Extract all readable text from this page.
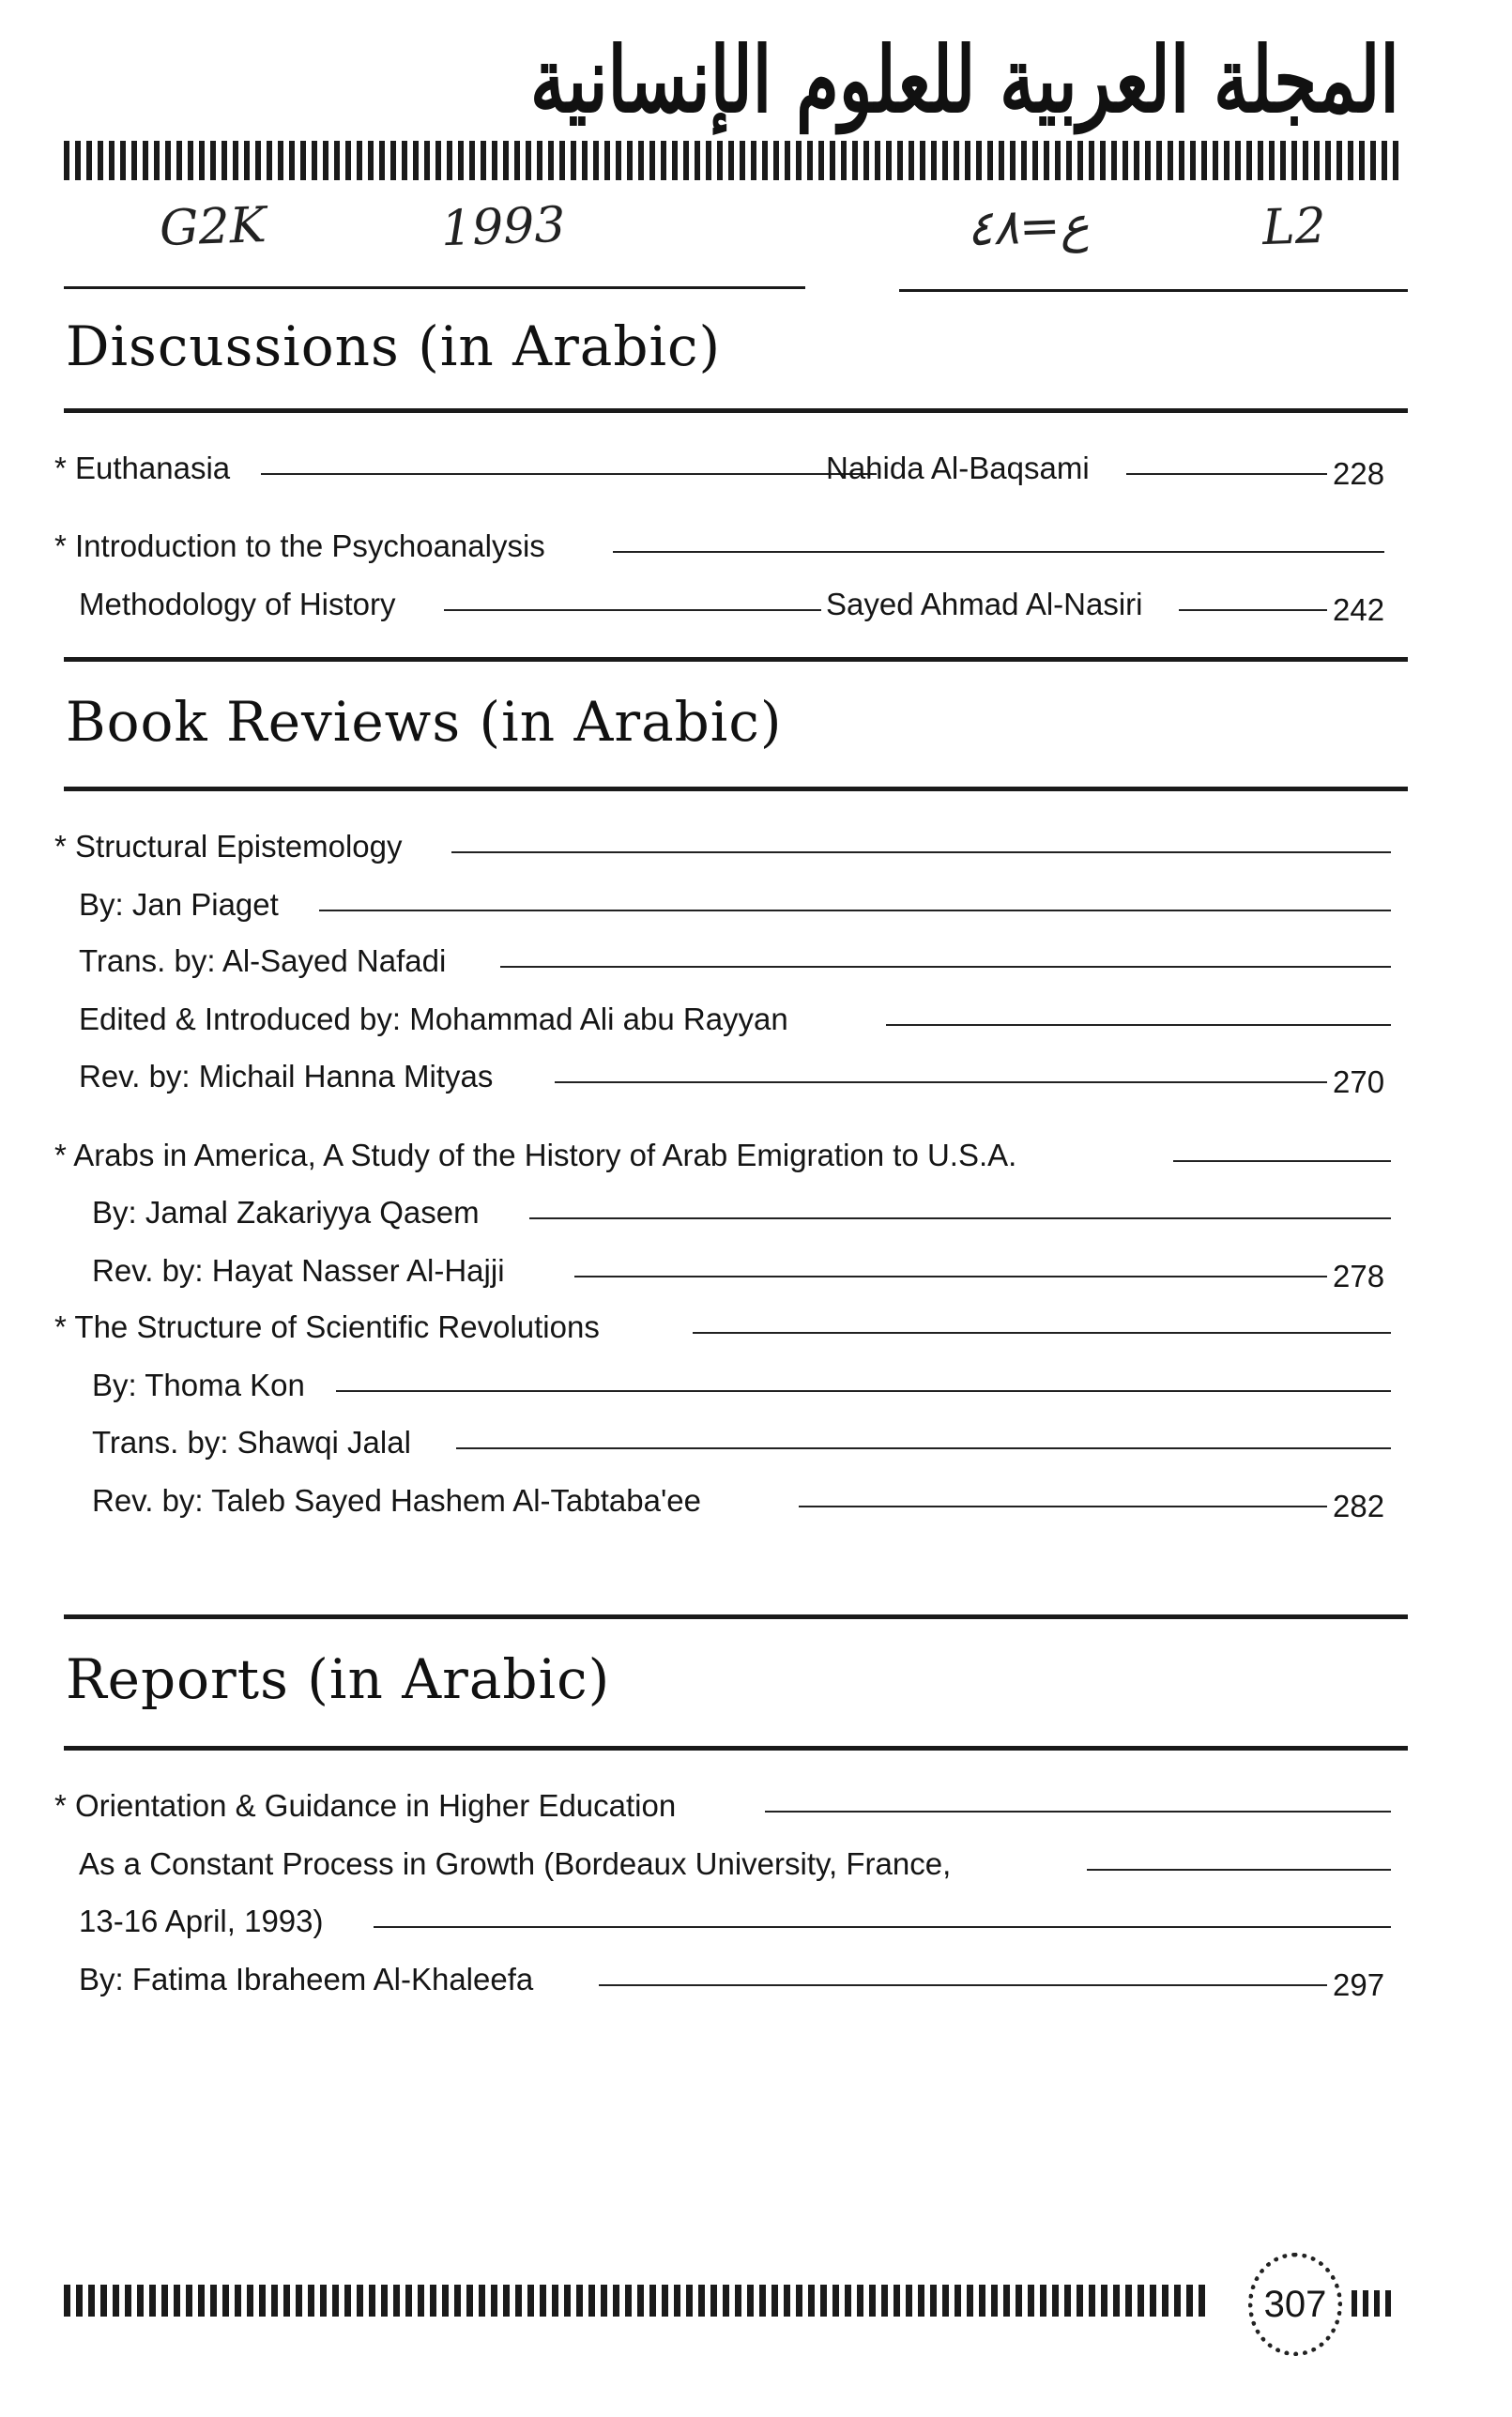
المجلة العربية للعلوم الإنسانية
G2K	1993	ع=٤٨	L2
Discussions (in Arabic)
* Euthanasia	Nahida Al-Baqsami	228
* Introduction to the Psychoanalysis
Methodology of History	Sayed Ahmad Al-Nasiri	242
Book Reviews (in Arabic)
* Structural Epistemology
By: Jan Piaget
Trans. by: Al-Sayed Nafadi
Edited & Introduced by: Mohammad Ali abu Rayyan
Rev. by: Michail Hanna Mityas	270
* Arabs in America, A Study of the History of Arab Emigration to U.S.A.
By: Jamal Zakariyya Qasem
Rev. by: Hayat Nasser Al-Hajji	278
* The Structure of Scientific Revolutions
By: Thoma Kon
Trans. by: Shawqi Jalal
Rev. by: Taleb Sayed Hashem Al-Tabtaba'ee	282
Reports (in Arabic)
* Orientation & Guidance in Higher Education
As a Constant Process in Growth (Bordeaux University, France,
13-16 April, 1993)
By: Fatima Ibraheem Al-Khaleefa	297
307
